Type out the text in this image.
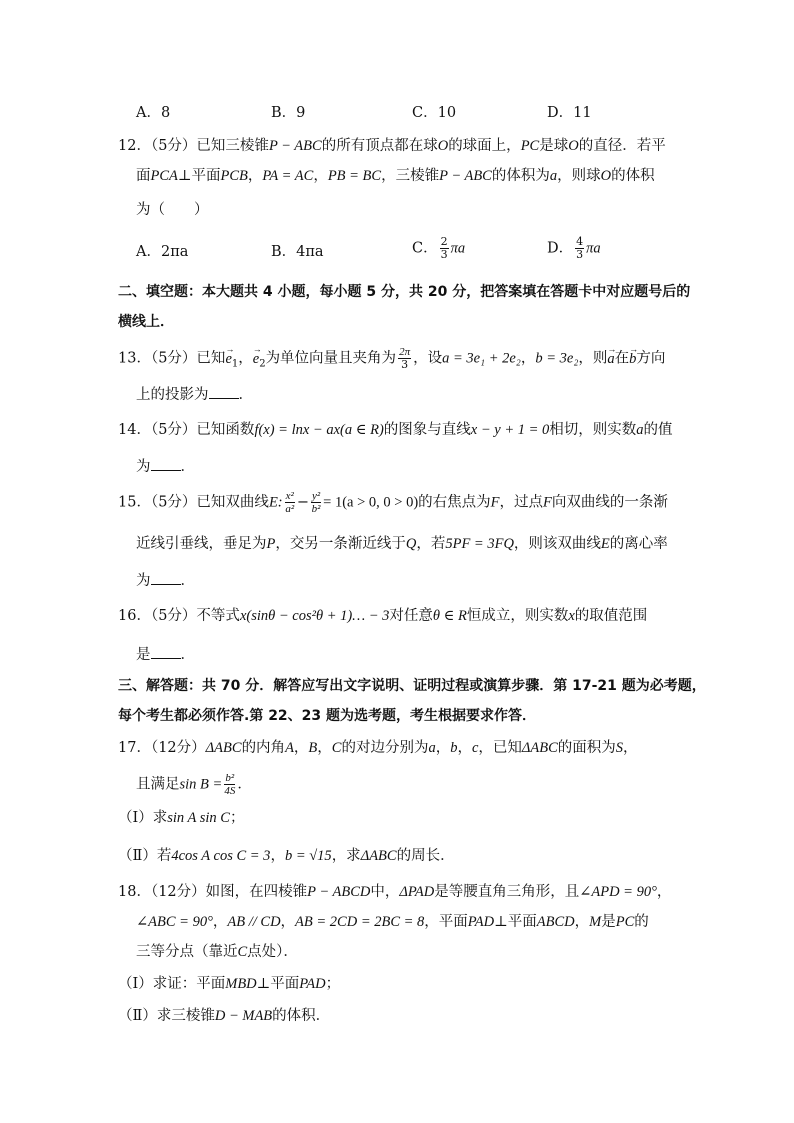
A．8	B．9	C．10	D．11
12．（5分）已知三棱锥P − ABC的所有顶点都在球O的球面上，PC是球O的直径．若平
面PCA⊥平面PCB，PA = AC，PB = BC，三棱锥P − ABC的体积为a，则球O的体积
为（　　）
A．2πa	B．4πa	C． $\frac{2}{3}$ πa	D． $\frac{4}{3}$ πa
二、填空题：本大题共 4 小题，每小题 5 分，共 20 分，把答案填在答题卡中对应题号后的
横线上．
13．（5分）已知→ $e_1$，→ $e_2$为单位向量且夹角为 $\frac{2\pi}{3}$ ，设a = 3e₁ + 2e₂，b = 3e₂，则→ a在→ b方向
上的投影为 ．
14．（5分）已知函数f(x) = lnx − ax(a ∈ R)的图象与直线x − y + 1 = 0相切，则实数a的值
为 ．
15．（5分）已知双曲线E: $\frac{\text{x²}}{\text{a²}} - \frac{\text{y²}}{\text{b²}} = 1(a > 0$, 0 > 0)的右焦点为F，过点F向双曲线的一条渐
近线引垂线，垂足为P，交另一条渐近线于Q，若5PF = 3FQ，则该双曲线E的离心率
为 ．
16．（5分）不等式x(sinθ − cos²θ + 1)… − 3对任意θ ∈ R恒成立，则实数x的取值范围
是 ．
三、解答题：共 70 分．解答应写出文字说明、证明过程或演算步骤．第 17-21 题为必考题，
每个考生都必须作答.第 22、23 题为选考题，考生根据要求作答．
17．（12分）ΔABC的内角A，B，C的对边分别为a，b，c，已知ΔABC的面积为S，
且满足$\sin B = \frac{\text{b²}}{4S}$ ．
（Ⅰ）求sin A sin C；
（Ⅱ）若4cos A cos C = 3，b = √15，求ΔABC的周长．
18．（12分）如图，在四棱锥P − ABCD中，ΔPAD是等腰直角三角形，且∠APD = 90°，
∠ABC = 90°，AB // CD，AB = 2CD = 2BC = 8，平面PAD⊥平面ABCD，M是PC的
三等分点（靠近C点处）．
（Ⅰ）求证：平面MBD⊥平面PAD；
（Ⅱ）求三棱锥D − MAB的体积．
